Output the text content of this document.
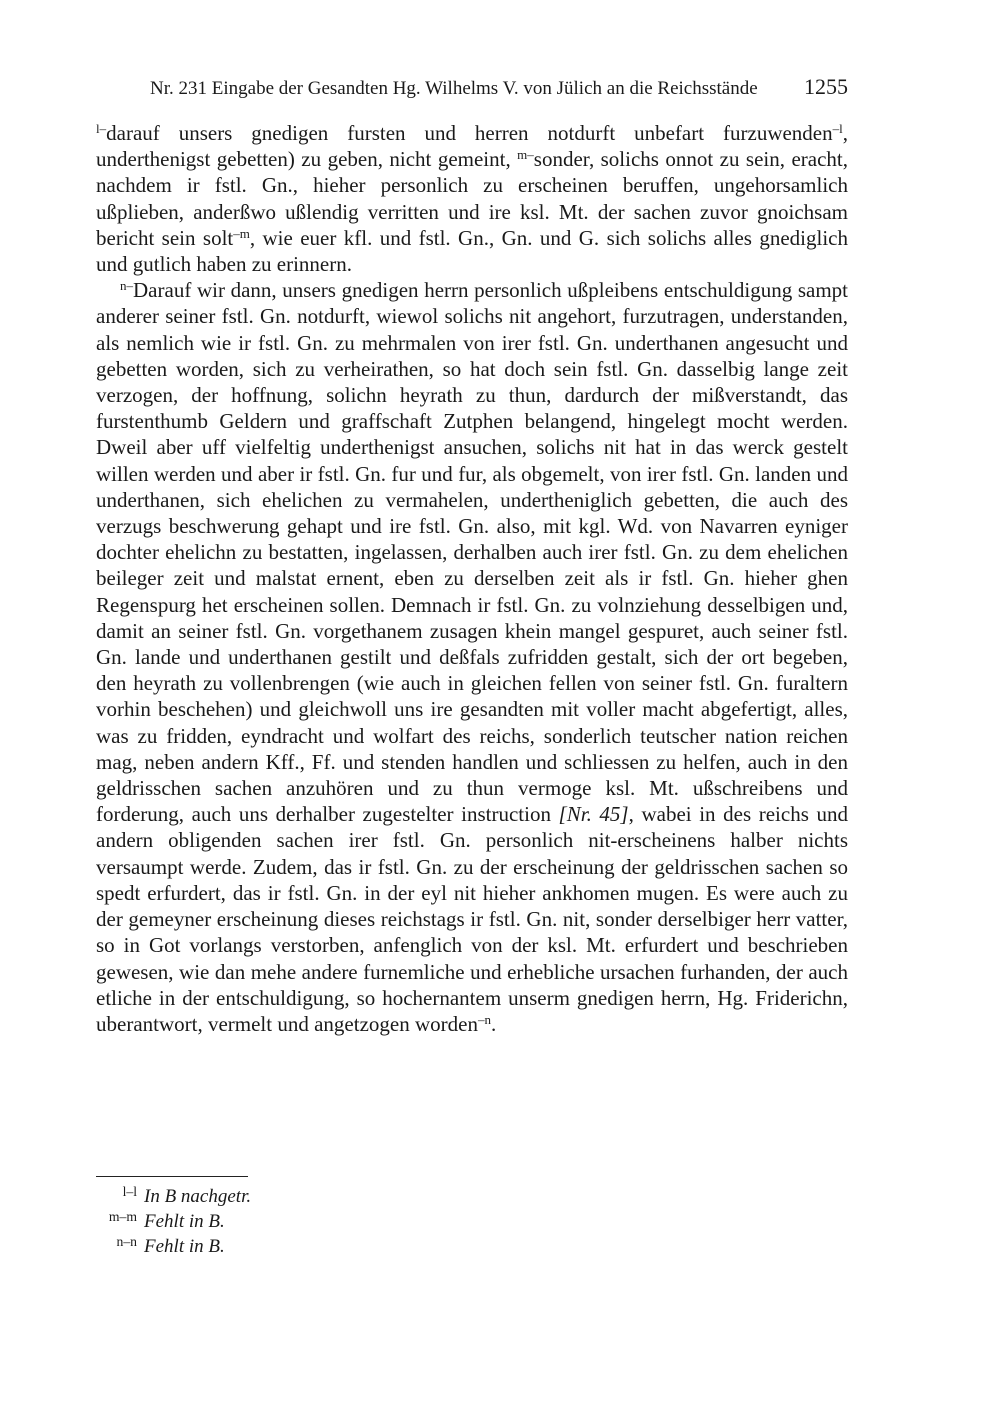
Nr. 231 Eingabe der Gesandten Hg. Wilhelms V. von Jülich an die Reichsstände 1255

$^{l-}$darauf unsers gnedigen fursten und herren notdurft unbefart furzuwenden$^{-l}$, underthenigst gebetten) zu geben, nicht gemeint, $^{m-}$sonder, solichs onnot zu sein, eracht, nachdem ir fstl. Gn., hieher personlich zu erscheinen beruffen, ungehorsamlich ußplieben, anderßwo ußlendig verritten und ire ksl. Mt. der sachen zuvor gnoichsam bericht sein solt$^{-m}$, wie euer kfl. und fstl. Gn., Gn. und G. sich solichs alles gnediglich und gutlich haben zu erinnern.

$^{n-}$Darauf wir dann, unsers gnedigen herrn personlich ußpleibens entschuldigung sampt anderer seiner fstl. Gn. notdurft, wiewol solichs nit angehort, furzutragen, understanden, als nemlich wie ir fstl. Gn. zu mehrmalen von irer fstl. Gn. underthanen angesucht und gebetten worden, sich zu verheirathen, so hat doch sein fstl. Gn. dasselbig lange zeit verzogen, der hoffnung, solichn heyrath zu thun, dardurch der mißverstandt, das furstenthumb Geldern und graffschaft Zutphen belangend, hingelegt mocht werden. Dweil aber uff vielfeltig underthenigst ansuchen, solichs nit hat in das werck gestelt willen werden und aber ir fstl. Gn. fur und fur, als obgemelt, von irer fstl. Gn. landen und underthanen, sich ehelichen zu vermahelen, undertheniglich gebetten, die auch des verzugs beschwerung gehapt und ire fstl. Gn. also, mit kgl. Wd. von Navarren eyniger dochter ehelichn zu bestatten, ingelassen, derhalben auch irer fstl. Gn. zu dem ehelichen beileger zeit und malstat ernent, eben zu derselben zeit als ir fstl. Gn. hieher ghen Regenspurg het erscheinen sollen. Demnach ir fstl. Gn. zu volnziehung desselbigen und, damit an seiner fstl. Gn. vorgethanem zusagen khein mangel gespuret, auch seiner fstl. Gn. lande und underthanen gestilt und deßfals zufridden gestalt, sich der ort begeben, den heyrath zu vollenbrengen (wie auch in gleichen fellen von seiner fstl. Gn. furaltern vorhin beschehen) und gleichwoll uns ire gesandten mit voller macht abgefertigt, alles, was zu fridden, eyndracht und wolfart des reichs, sonderlich teutscher nation reichen mag, neben andern Kff., Ff. und stenden handlen und schliessen zu helfen, auch in den geldrisschen sachen anzuhören und zu thun vermoge ksl. Mt. ußschreibens und forderung, auch uns derhalber zugestelter instruction [Nr. 45], wabei in des reichs und andern obligenden sachen irer fstl. Gn. personlich nit-erscheinens halber nichts versaumpt werde. Zudem, das ir fstl. Gn. zu der erscheinung der geldrisschen sachen so spedt erfurdert, das ir fstl. Gn. in der eyl nit hieher ankhomen mugen. Es were auch zu der gemeyner erscheinung dieses reichstags ir fstl. Gn. nit, sonder derselbiger herr vatter, so in Got vorlangs verstorben, anfenglich von der ksl. Mt. erfurdert und beschrieben gewesen, wie dan mehe andere furnemliche und erhebliche ursachen furhanden, der auch etliche in der entschuldigung, so hochernantem unserm gnedigen herrn, Hg. Friderichn, uberantwort, vermelt und angetzogen worden$^{-n}$.

l–l In B nachgetr.
m–m Fehlt in B.
n–n Fehlt in B.
